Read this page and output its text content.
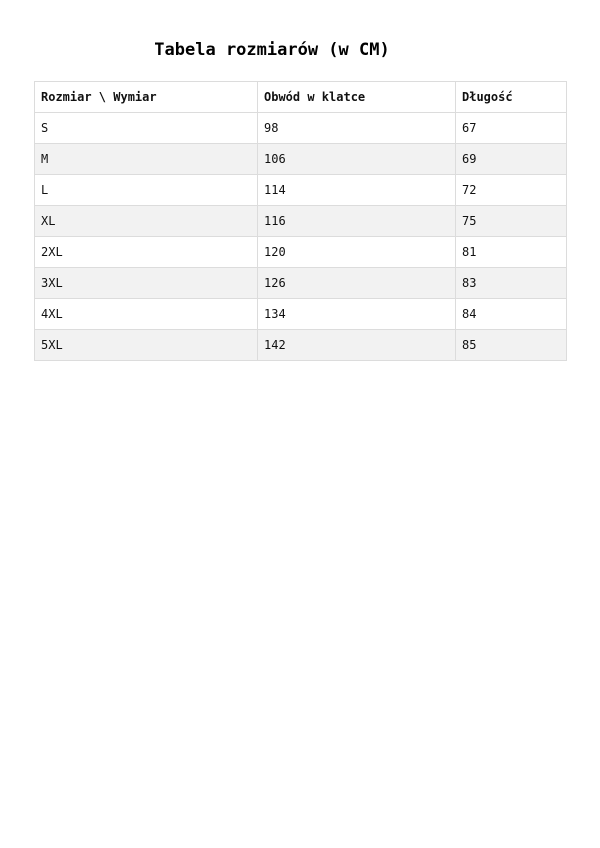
Tabela rozmiarów (w CM)
Rozmiar \ Wymiar	Obwód w klatce	Długość
S	98	67
M	106	69
L	114	72
XL	116	75
2XL	120	81
3XL	126	83
4XL	134	84
5XL	142	85
